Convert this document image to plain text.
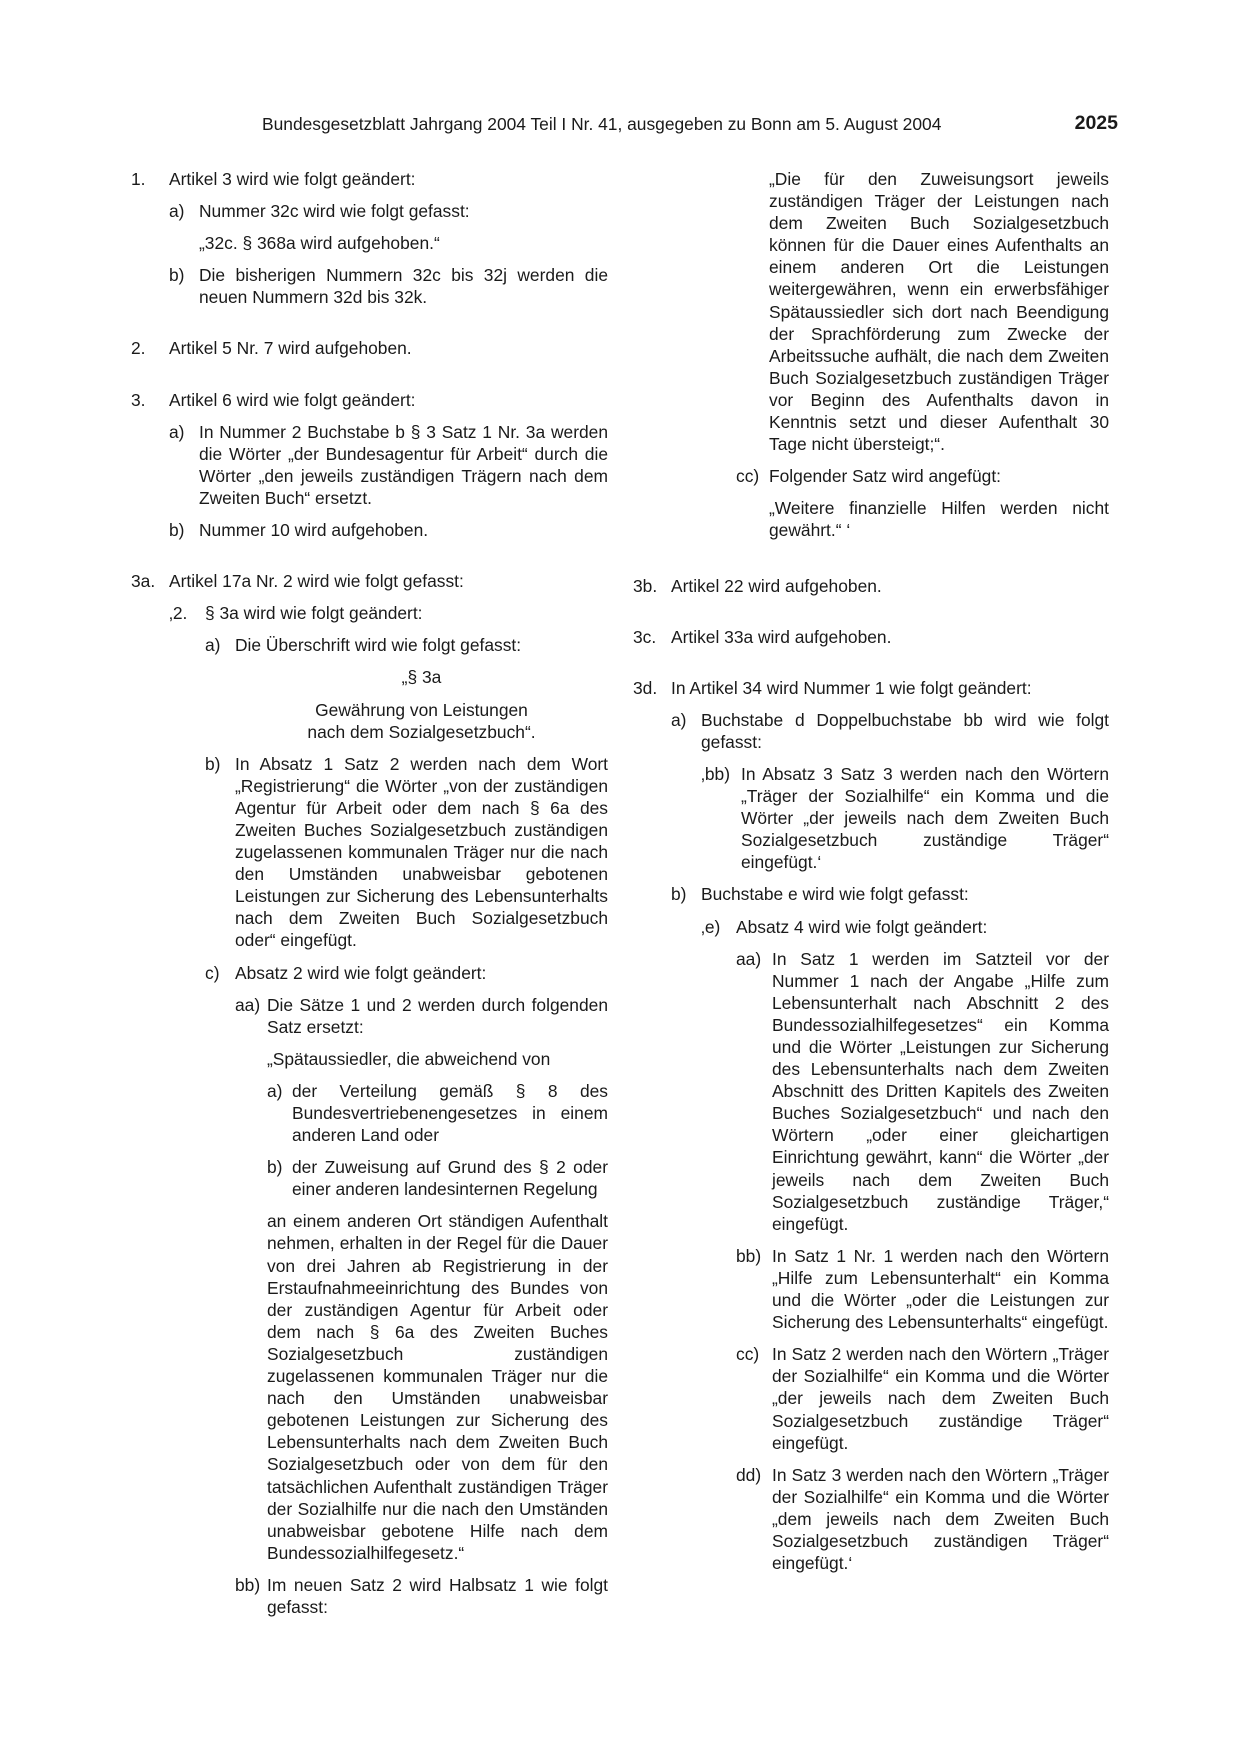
Bundesgesetzblatt Jahrgang 2004 Teil I Nr. 41, ausgegeben zu Bonn am 5. August 2004	2025
1.	Artikel 3 wird wie folgt geändert:
a) Nummer 32c wird wie folgt gefasst:
„32c. § 368a wird aufgehoben.“
b) Die bisherigen Nummern 32c bis 32j werden die neuen Nummern 32d bis 32k.
2.	Artikel 5 Nr. 7 wird aufgehoben.
3.	Artikel 6 wird wie folgt geändert:
a) In Nummer 2 Buchstabe b § 3 Satz 1 Nr. 3a werden die Wörter „der Bundesagentur für Arbeit“ durch die Wörter „den jeweils zuständigen Trägern nach dem Zweiten Buch“ ersetzt.
b) Nummer 10 wird aufgehoben.
3a. Artikel 17a Nr. 2 wird wie folgt gefasst:
‚2.	§ 3a wird wie folgt geändert:
a) Die Überschrift wird wie folgt gefasst:
„§ 3a
Gewährung von Leistungen
nach dem Sozialgesetzbuch“.
b) In Absatz 1 Satz 2 werden nach dem Wort „Registrierung“ die Wörter „von der zuständigen Agentur für Arbeit oder dem nach § 6a des Zweiten Buches Sozialgesetzbuch zuständigen zugelassenen kommunalen Träger nur die nach den Umständen unabweisbar gebotenen Leistungen zur Sicherung des Lebensunterhalts nach dem Zweiten Buch Sozialgesetzbuch oder“ eingefügt.
c) Absatz 2 wird wie folgt geändert:
aa) Die Sätze 1 und 2 werden durch folgenden Satz ersetzt:
„Spätaussiedler, die abweichend von
a) der Verteilung gemäß § 8 des Bundesvertriebenengesetzes in einem anderen Land oder
b) der Zuweisung auf Grund des § 2 oder einer anderen landesinternen Regelung
an einem anderen Ort ständigen Aufenthalt nehmen, erhalten in der Regel für die Dauer von drei Jahren ab Registrierung in der Erstaufnahmeeinrichtung des Bundes von der zuständigen Agentur für Arbeit oder dem nach § 6a des Zweiten Buches Sozialgesetzbuch zuständigen zugelassenen kommunalen Träger nur die nach den Umständen unabweisbar gebotenen Leistungen zur Sicherung des Lebensunterhalts nach dem Zweiten Buch Sozialgesetzbuch oder von dem für den tatsächlichen Aufenthalt zuständigen Träger der Sozialhilfe nur die nach den Umständen unabweisbar gebotene Hilfe nach dem Bundessozialhilfegesetz.“
bb) Im neuen Satz 2 wird Halbsatz 1 wie folgt gefasst:
„Die für den Zuweisungsort jeweils zuständigen Träger der Leistungen nach dem Zweiten Buch Sozialgesetzbuch können für die Dauer eines Aufenthalts an einem anderen Ort die Leistungen weitergewähren, wenn ein erwerbsfähiger Spätaussiedler sich dort nach Beendigung der Sprachförderung zum Zwecke der Arbeitssuche aufhält, die nach dem Zweiten Buch Sozialgesetzbuch zuständigen Träger vor Beginn des Aufenthalts davon in Kenntnis setzt und dieser Aufenthalt 30 Tage nicht übersteigt;“.
cc) Folgender Satz wird angefügt:
„Weitere finanzielle Hilfen werden nicht gewährt.“ ‘
3b. Artikel 22 wird aufgehoben.
3c. Artikel 33a wird aufgehoben.
3d. In Artikel 34 wird Nummer 1 wie folgt geändert:
a) Buchstabe d Doppelbuchstabe bb wird wie folgt gefasst:
‚bb) In Absatz 3 Satz 3 werden nach den Wörtern „Träger der Sozialhilfe“ ein Komma und die Wörter „der jeweils nach dem Zweiten Buch Sozialgesetzbuch zuständige Träger“ eingefügt.‘
b) Buchstabe e wird wie folgt gefasst:
‚e) Absatz 4 wird wie folgt geändert:
aa) In Satz 1 werden im Satzteil vor der Nummer 1 nach der Angabe „Hilfe zum Lebensunterhalt nach Abschnitt 2 des Bundessozialhilfegesetzes“ ein Komma und die Wörter „Leistungen zur Sicherung des Lebensunterhalts nach dem Zweiten Abschnitt des Dritten Kapitels des Zweiten Buches Sozialgesetzbuch“ und nach den Wörtern „oder einer gleichartigen Einrichtung gewährt, kann“ die Wörter „der jeweils nach dem Zweiten Buch Sozialgesetzbuch zuständige Träger,“ eingefügt.
bb) In Satz 1 Nr. 1 werden nach den Wörtern „Hilfe zum Lebensunterhalt“ ein Komma und die Wörter „oder die Leistungen zur Sicherung des Lebensunterhalts“ eingefügt.
cc) In Satz 2 werden nach den Wörtern „Träger der Sozialhilfe“ ein Komma und die Wörter „der jeweils nach dem Zweiten Buch Sozialgesetzbuch zuständige Träger“ eingefügt.
dd) In Satz 3 werden nach den Wörtern „Träger der Sozialhilfe“ ein Komma und die Wörter „dem jeweils nach dem Zweiten Buch Sozialgesetzbuch zuständigen Träger“ eingefügt.‘
